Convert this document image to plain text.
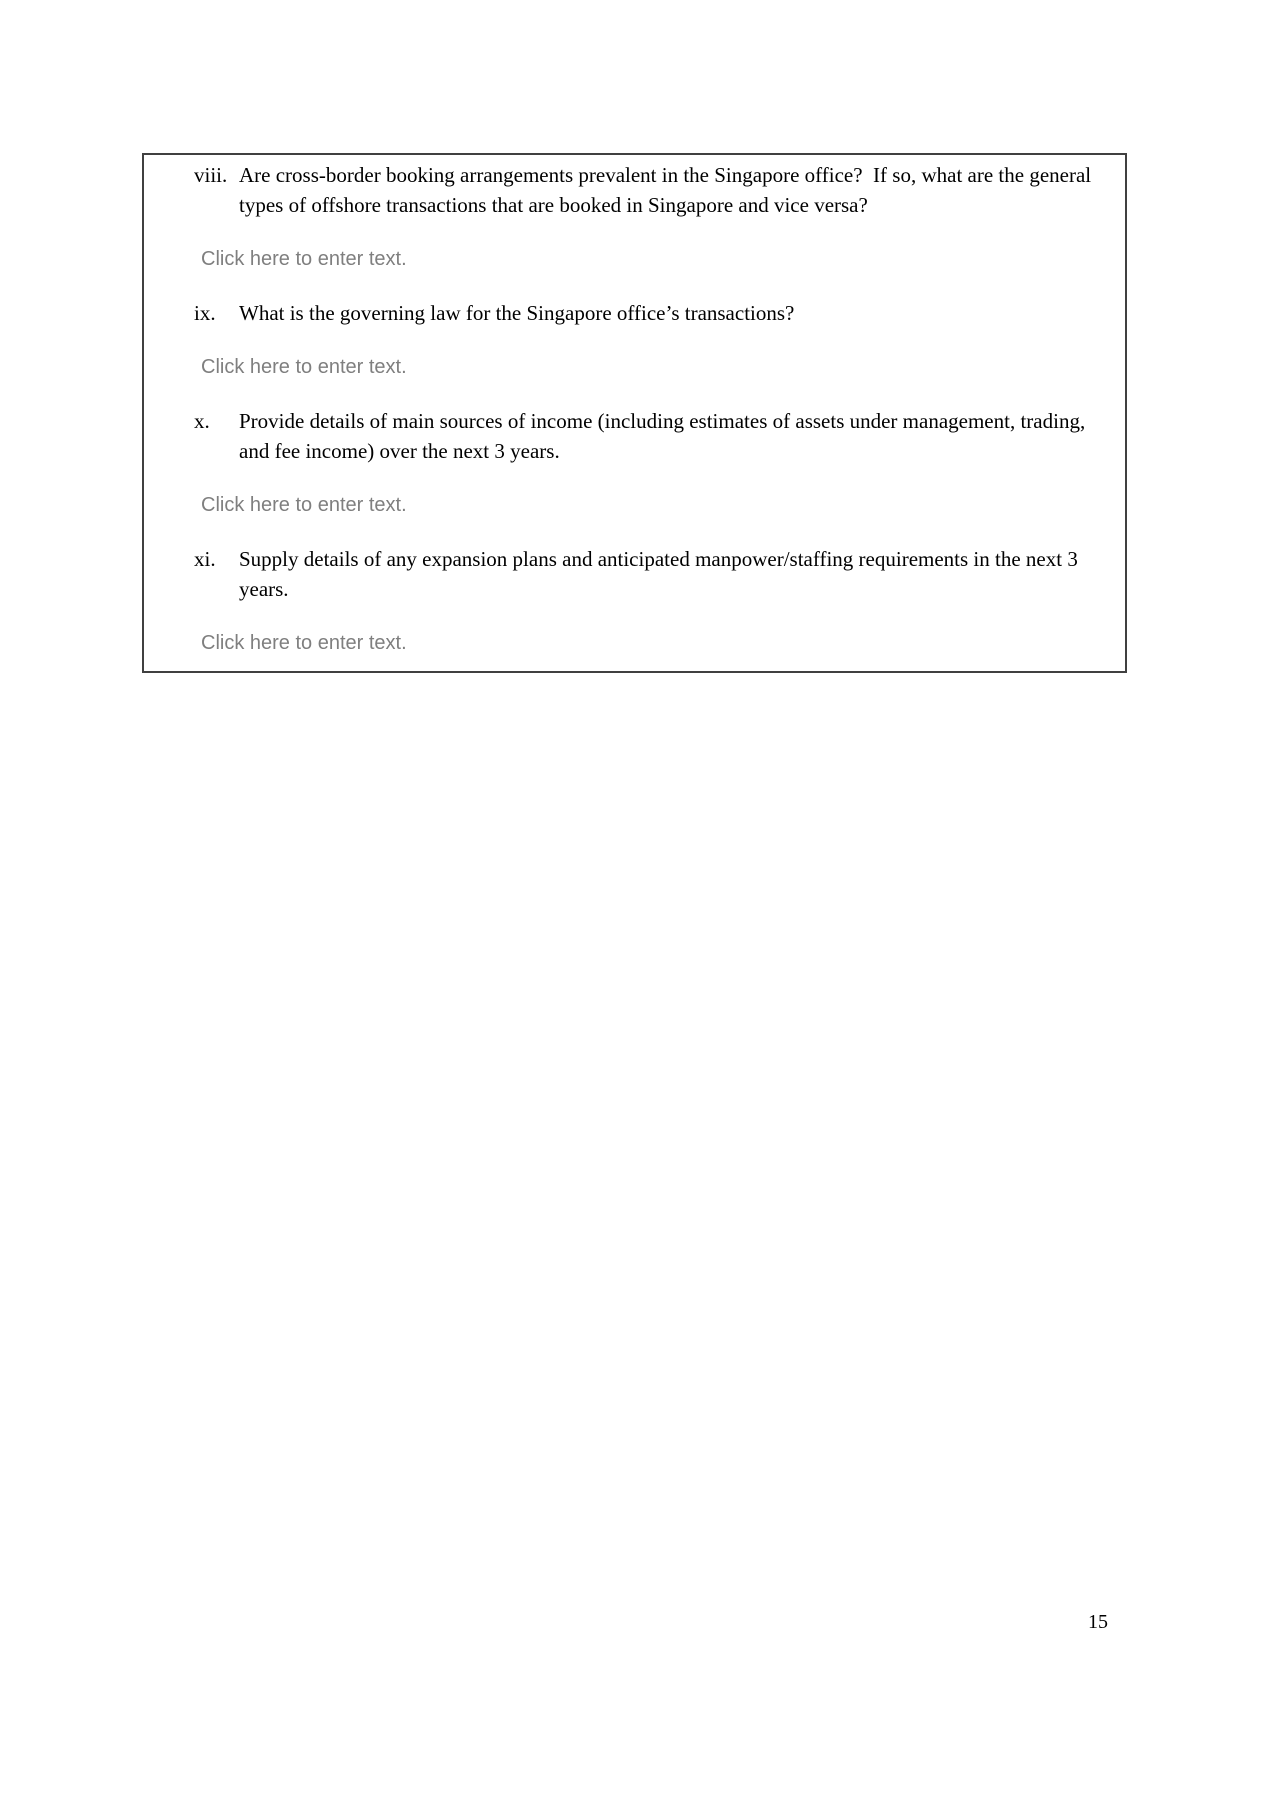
viii. Are cross-border booking arrangements prevalent in the Singapore office?  If so, what are the general types of offshore transactions that are booked in Singapore and vice versa?
Click here to enter text.
ix.	What is the governing law for the Singapore office’s transactions?
Click here to enter text.
x.	Provide details of main sources of income (including estimates of assets under management, trading, and fee income) over the next 3 years.
Click here to enter text.
xi.	Supply details of any expansion plans and anticipated manpower/staffing requirements in the next 3 years.
Click here to enter text.
15
